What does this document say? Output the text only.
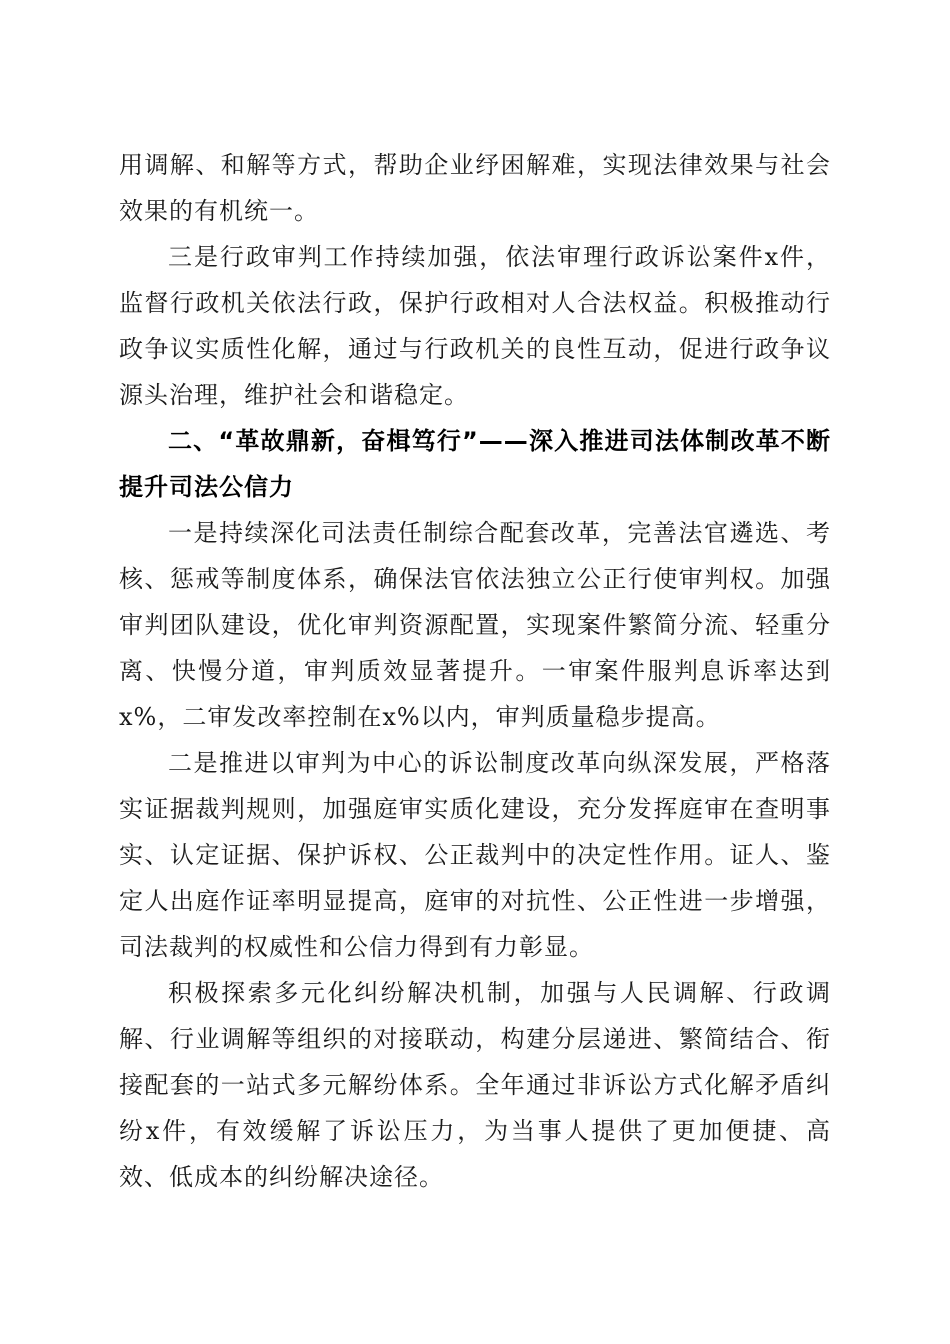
用调解、和解等方式，帮助企业纾困解难，实现法律效果与社会效果的有机统一。

三是行政审判工作持续加强，依法审理行政诉讼案件x件，监督行政机关依法行政，保护行政相对人合法权益。积极推动行政争议实质性化解，通过与行政机关的良性互动，促进行政争议源头治理，维护社会和谐稳定。

二、“革故鼎新，奋楫笃行”——深入推进司法体制改革不断提升司法公信力

一是持续深化司法责任制综合配套改革，完善法官遴选、考核、惩戒等制度体系，确保法官依法独立公正行使审判权。加强审判团队建设，优化审判资源配置，实现案件繁简分流、轻重分离、快慢分道，审判质效显著提升。一审案件服判息诉率达到x%，二审发改率控制在x%以内，审判质量稳步提高。

二是推进以审判为中心的诉讼制度改革向纵深发展，严格落实证据裁判规则，加强庭审实质化建设，充分发挥庭审在查明事实、认定证据、保护诉权、公正裁判中的决定性作用。证人、鉴定人出庭作证率明显提高，庭审的对抗性、公正性进一步增强，司法裁判的权威性和公信力得到有力彰显。

积极探索多元化纠纷解决机制，加强与人民调解、行政调解、行业调解等组织的对接联动，构建分层递进、繁简结合、衔接配套的一站式多元解纷体系。全年通过非诉讼方式化解矛盾纠纷x件，有效缓解了诉讼压力，为当事人提供了更加便捷、高效、低成本的纠纷解决途径。
